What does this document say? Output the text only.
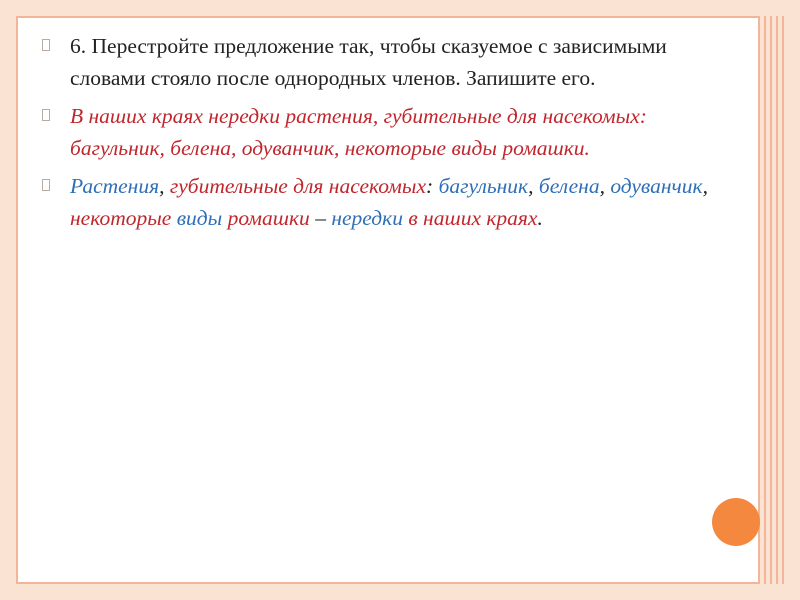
6. Перестройте предложение так, чтобы сказуемое с зависимыми словами стояло после однородных членов. Запишите его.
В наших краях нередки растения, губительные для насекомых: багульник, белена, одуванчик, некоторые виды ромашки.
Растения, губительные для насекомых: багульник, белена, одуванчик, некоторые виды ромашки – нередки в наших краях.
